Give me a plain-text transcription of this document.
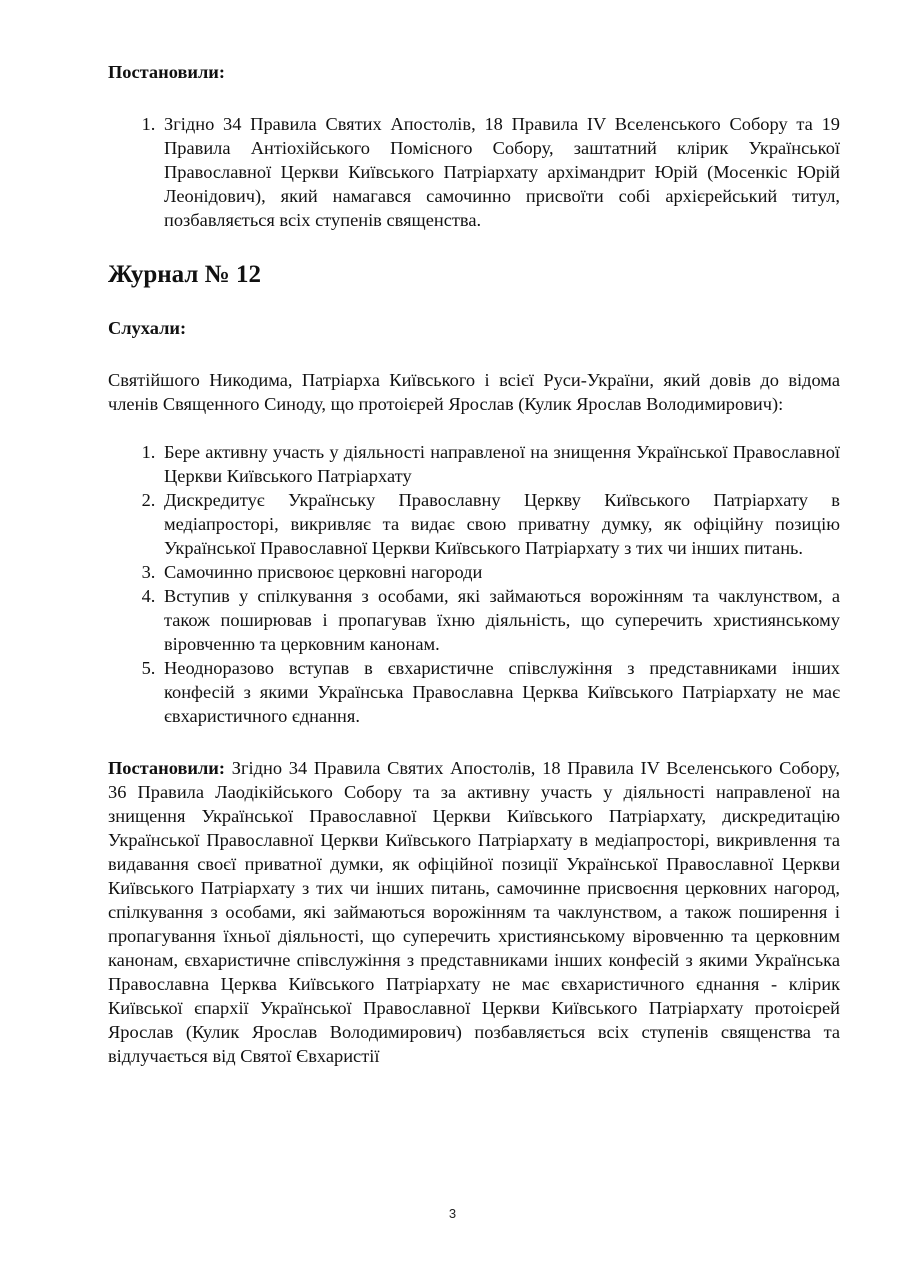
Постановили:

1. Згідно 34 Правила Святих Апостолів, 18 Правила IV Вселенського Собору та 19 Правила Антіохійського Помісного Собору, заштатний клірик Української Православної Церкви Київського Патріархату архімандрит Юрій (Мосенкіс Юрій Леонідович), який намагався самочинно присвоїти собі архієрейський титул, позбавляється всіх ступенів священства.
Журнал № 12

Слухали:

Святійшого Никодима, Патріарха Київського і всієї Руси-України, який довів до відома членів Священного Синоду, що протоієрей Ярослав (Кулик Ярослав Володимирович):

1. Бере активну участь у діяльності направленої на знищення Української Православної Церкви Київського Патріархату
2. Дискредитує Українську Православну Церкву Київського Патріархату в медіапросторі, викривляє та видає свою приватну думку, як офіційну позицію Української Православної Церкви Київського Патріархату з тих чи інших питань.
3. Самочинно присвоює церковні нагороди
4. Вступив у спілкування з особами, які займаються ворожінням та чаклунством, а також поширював і пропагував їхню діяльність, що суперечить християнському віровченню та церковним канонам.
5. Неодноразово вступав в євхаристичне співслужіння з представниками інших конфесій з якими Українська Православна Церква Київського Патріархату не має євхаристичного єднання.

Постановили: Згідно 34 Правила Святих Апостолів, 18 Правила IV Вселенського Собору, 36 Правила Лаодікійського Собору та за активну участь у діяльності направленої на знищення Української Православної Церкви Київського Патріархату, дискредитацію Української Православної Церкви Київського Патріархату в медіапросторі, викривлення та видавання своєї приватної думки, як офіційної позиції Української Православної Церкви Київського Патріархату з тих чи інших питань, самочинне присвоєння церковних нагород, спілкування з особами, які займаються ворожінням та чаклунством, а також поширення і пропагування їхньої діяльності, що суперечить християнському віровченню та церковним канонам, євхаристичне співслужіння з представниками інших конфесій з якими Українська Православна Церква Київського Патріархату не має євхаристичного єднання - клірик Київської єпархії Української Православної Церкви Київського Патріархату протоієрей Ярослав (Кулик Ярослав Володимирович) позбавляється всіх ступенів священства та відлучається від Святої Євхаристії

3
